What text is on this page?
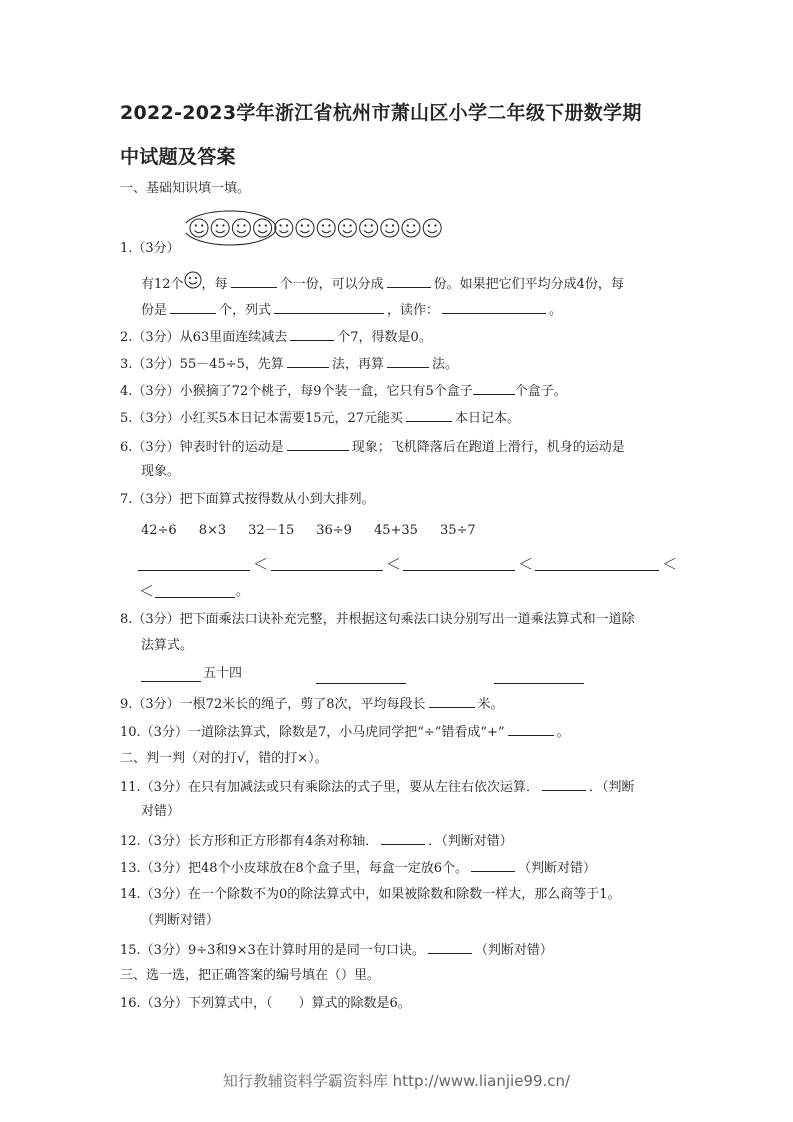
2022-2023学年浙江省杭州市萧山区小学二年级下册数学期
中试题及答案
一、基础知识填一填。
1.（3分）
有12个 ，每	个一份，可以分成	份。如果把它们平均分成4份，每
份是	个，列式	，读作：	。
2.（3分）从63里面连续减去	个7，得数是0。
3.（3分）55－45÷5，先算	法，再算	法。
4.（3分）小猴摘了72个桃子，每9个装一盒，它只有5个盒子	个盒子。
5.（3分）小红买5本日记本需要15元，27元能买	本日记本。
6.（3分）钟表时针的运动是	现象；飞机降落后在跑道上滑行，机身的运动是
现象。
7.（3分）把下面算式按得数从小到大排列。
42÷6 8×3 32－15 36÷9 45+35 35÷7
＜	＜	＜	＜
＜	。
8.（3分）把下面乘法口诀补充完整，并根据这句乘法口诀分别写出一道乘法算式和一道除
法算式。
五十四
9.（3分）一根72米长的绳子，剪了8次，平均每段长	米。
10.（3分）一道除法算式，除数是7，小马虎同学把“÷”错看成“+”	。
二、判一判（对的打√，错的打×）。
11.（3分）在只有加减法或只有乘除法的式子里，要从左往右依次运算．	．（判断
对错）
12.（3分）长方形和正方形都有4条对称轴．	．（判断对错）
13.（3分）把48个小皮球放在8个盒子里，每盒一定放6个。	（判断对错）
14.（3分）在一个除数不为0的除法算式中，如果被除数和除数一样大，那么商等于1。
（判断对错）
15.（3分）9÷3和9×3在计算时用的是同一句口诀。	（判断对错）
三、选一选，把正确答案的编号填在（）里。
16.（3分）下列算式中，（　　）算式的除数是6。
知行教辅资料学霸资料库 http://www.lianjie99.cn/
